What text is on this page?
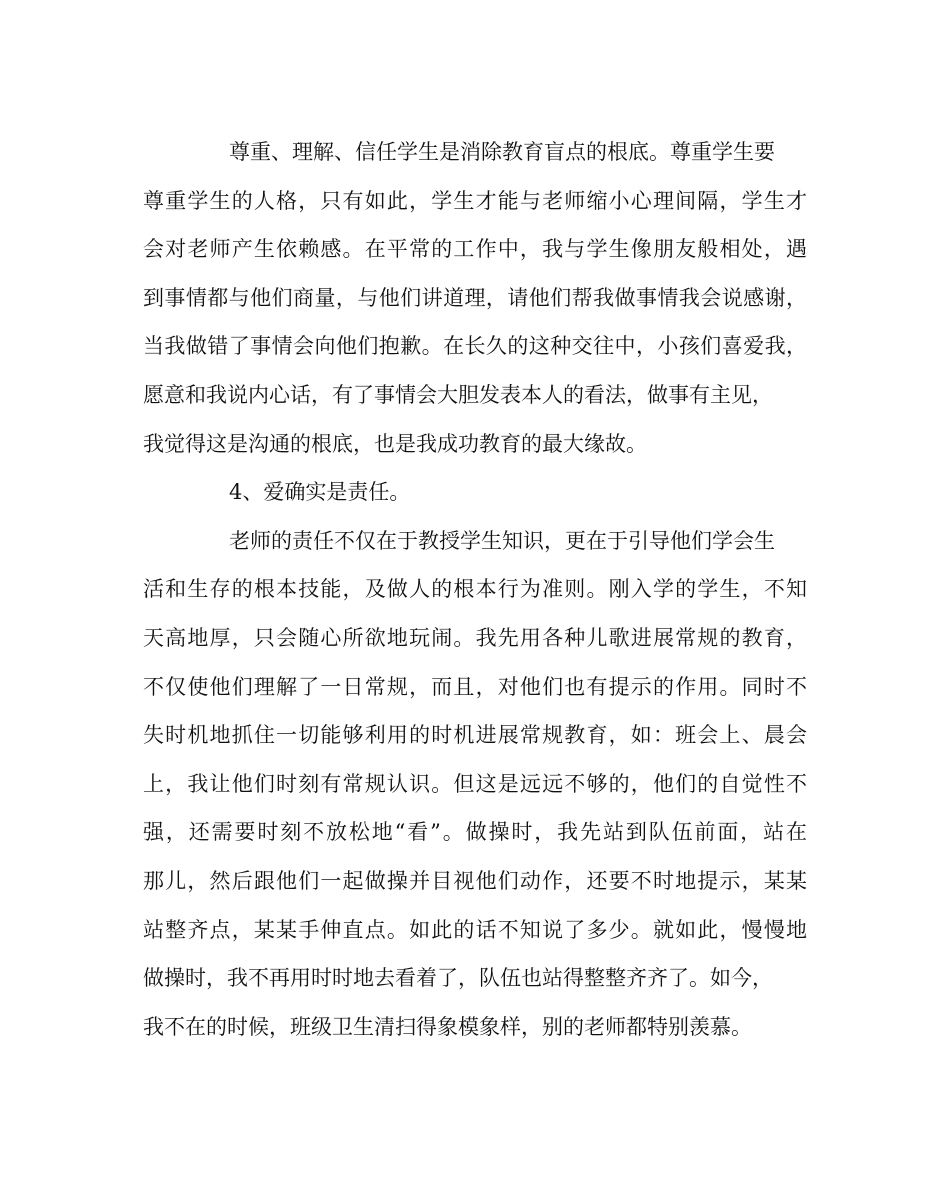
尊重、理解、信任学生是消除教育盲点的根底。尊重学生要
尊重学生的人格，只有如此，学生才能与老师缩小心理间隔，学生才
会对老师产生依赖感。在平常的工作中，我与学生像朋友般相处，遇
到事情都与他们商量，与他们讲道理，请他们帮我做事情我会说感谢，
当我做错了事情会向他们抱歉。在长久的这种交往中，小孩们喜爱我，
愿意和我说内心话，有了事情会大胆发表本人的看法，做事有主见，
我觉得这是沟通的根底，也是我成功教育的最大缘故。
4、爱确实是责任。
老师的责任不仅在于教授学生知识，更在于引导他们学会生
活和生存的根本技能，及做人的根本行为准则。刚入学的学生，不知
天高地厚，只会随心所欲地玩闹。我先用各种儿歌进展常规的教育，
不仅使他们理解了一日常规，而且，对他们也有提示的作用。同时不
失时机地抓住一切能够利用的时机进展常规教育，如：班会上、晨会
上，我让他们时刻有常规认识。但这是远远不够的，他们的自觉性不
强，还需要时刻不放松地“看”。做操时，我先站到队伍前面，站在
那儿，然后跟他们一起做操并目视他们动作，还要不时地提示，某某
站整齐点，某某手伸直点。如此的话不知说了多少。就如此，慢慢地
做操时，我不再用时时地去看着了，队伍也站得整整齐齐了。如今，
我不在的时候，班级卫生清扫得象模象样，别的老师都特别羡慕。
